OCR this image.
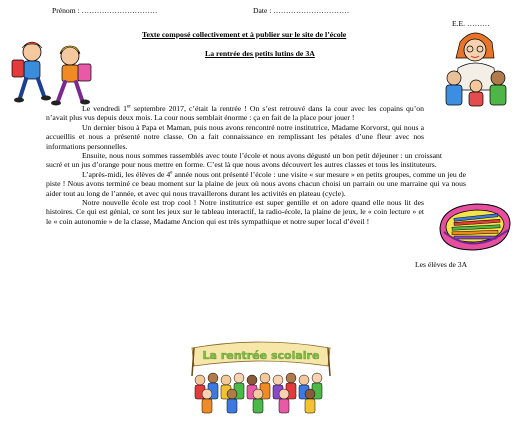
Prénom : …………………………	Date : …………………………
E.E. ………
Texte composé collectivement et à publier sur le site de l’école
La rentrée des petits lutins de 3A

Le vendredi 1er septembre 2017, c’était la rentrée ! On s’est retrouvé dans la cour avec les copains qu’on n’avait plus vus depuis deux mois. La cour nous semblait énorme : ça en fait de la place pour jouer !

Un dernier bisou à Papa et Maman, puis nous avons rencontré notre institutrice, Madame Korvorst, qui nous a accueillis et nous a présenté notre classe. On a fait connaissance en remplissant les pétales d’une fleur avec nos informations personnelles.

Ensuite, nous nous sommes rassemblés avec toute l’école et nous avons dégusté un bon petit déjeuner : un croissant sucré et un jus d’orange pour nous mettre en forme. C’est là que nous avons découvert les autres classes et tous les instituteurs.

L’après-midi, les élèves de 4e année nous ont présenté l’école : une visite « sur mesure » en petits groupes, comme un jeu de piste ! Nous avons terminé ce beau moment sur la plaine de jeux où nous avons chacun choisi un parrain ou une marraine qui va nous aider tout au long de l’année, et avec qui nous travaillerons durant les activités en plateau (cycle).

Notre nouvelle école est trop cool ! Notre institutrice est super gentille et on adore quand elle nous lit des histoires. Ce qui est génial, ce sont les jeux sur le tableau interactif, la radio-école, la plaine de jeux, le « coin lecture » et le « coin autonomie » de la classe, Madame Ancion qui est très sympathique et notre super local d’éveil !

Les élèves de 3A
La rentrée scolaire
